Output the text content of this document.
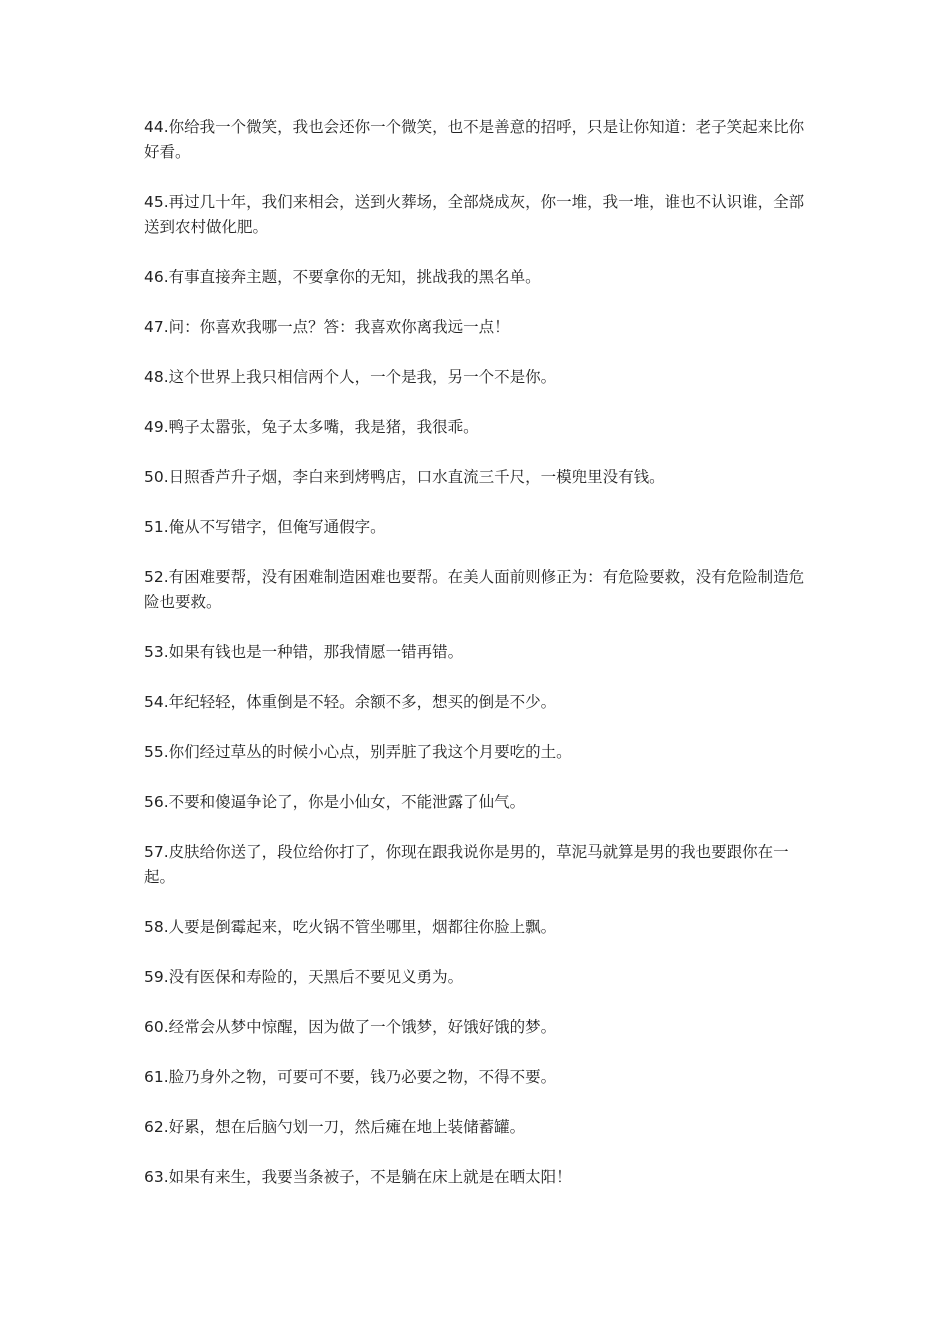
44.你给我一个微笑，我也会还你一个微笑，也不是善意的招呼，只是让你知道：老子笑起来比你好看。

45.再过几十年，我们来相会，送到火葬场，全部烧成灰，你一堆，我一堆，谁也不认识谁，全部送到农村做化肥。

46.有事直接奔主题，不要拿你的无知，挑战我的黑名单。

47.问：你喜欢我哪一点？答：我喜欢你离我远一点！

48.这个世界上我只相信两个人，一个是我，另一个不是你。

49.鸭子太嚣张，兔子太多嘴，我是猪，我很乖。

50.日照香芦升子烟，李白来到烤鸭店，口水直流三千尺，一模兜里没有钱。

51.俺从不写错字，但俺写通假字。

52.有困难要帮，没有困难制造困难也要帮。在美人面前则修正为：有危险要救，没有危险制造危险也要救。

53.如果有钱也是一种错，那我情愿一错再错。

54.年纪轻轻，体重倒是不轻。余额不多，想买的倒是不少。

55.你们经过草丛的时候小心点，别弄脏了我这个月要吃的土。

56.不要和傻逼争论了，你是小仙女，不能泄露了仙气。

57.皮肤给你送了，段位给你打了，你现在跟我说你是男的，草泥马就算是男的我也要跟你在一起。

58.人要是倒霉起来，吃火锅不管坐哪里，烟都往你脸上飘。

59.没有医保和寿险的，天黑后不要见义勇为。

60.经常会从梦中惊醒，因为做了一个饿梦，好饿好饿的梦。

61.脸乃身外之物，可要可不要，钱乃必要之物，不得不要。

62.好累，想在后脑勺划一刀，然后瘫在地上装储蓄罐。

63.如果有来生，我要当条被子，不是躺在床上就是在晒太阳！
